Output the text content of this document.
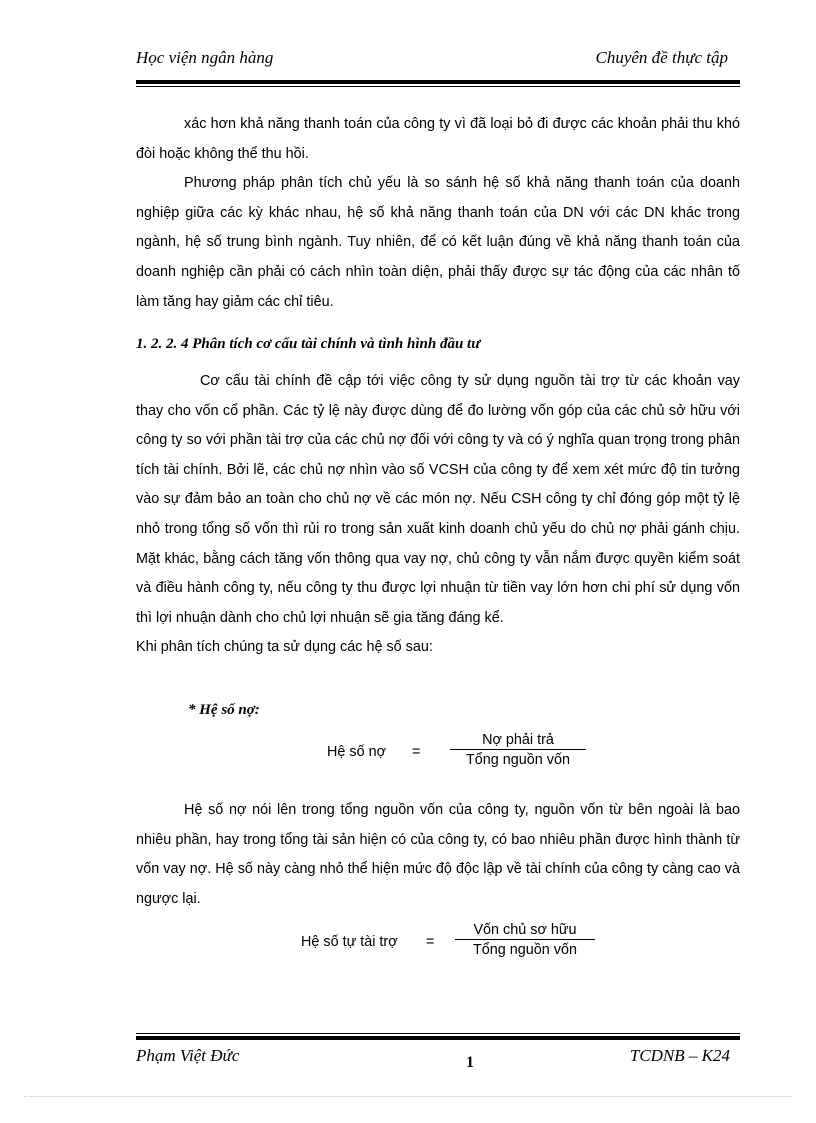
Học viện ngân hàng	Chuyên đề thực tập

xác hơn khả năng thanh toán của công ty vì đã loại bỏ đi được các khoản phải thu khó đòi hoặc không thể thu hồi.

Phương pháp phân tích chủ yếu là so sánh hệ số khả năng thanh toán của doanh nghiệp giữa các kỳ khác nhau, hệ số khả năng thanh toán của DN với các DN khác trong ngành, hệ số trung bình ngành. Tuy nhiên, để có kết luận đúng về khả năng thanh toán của doanh nghiệp cần phải có cách nhìn toàn diện, phải thấy được sự tác động của các nhân tố làm tăng hay giảm các chỉ tiêu.

1. 2. 2. 4 Phân tích cơ cấu tài chính và tình hình đầu tư

Cơ cấu tài chính đề cập tới việc công ty sử dụng nguồn tài trợ từ các khoản vay thay cho vốn cổ phần. Các tỷ lệ này được dùng để đo lường vốn góp của các chủ sở hữu với công ty so với phần tài trợ của các chủ nợ đối với công ty và có ý nghĩa quan trọng trong phân tích tài chính. Bởi lẽ, các chủ nợ nhìn vào số VCSH của công ty để xem xét mức độ tin tưởng vào sự đảm bảo an toàn cho chủ nợ về các món nợ. Nếu CSH công ty chỉ đóng góp một tỷ lệ nhỏ trong tổng số vốn thì rủi ro trong sản xuất kinh doanh chủ yếu do chủ nợ phải gánh chịu. Mặt khác, bằng cách tăng vốn thông qua vay nợ, chủ công ty vẫn nắm được quyền kiểm soát và điều hành công ty, nếu công ty thu được lợi nhuận từ tiền vay lớn hơn chi phí sử dụng vốn thì lợi nhuận dành cho chủ lợi nhuận sẽ gia tăng đáng kể.

Khi phân tích chúng ta sử dụng các hệ số sau:

* Hệ số nợ:
Hệ số nợ =
Nợ phải trả
Tổng nguồn vốn

Hệ số nợ nói lên trong tổng nguồn vốn của công ty, nguồn vốn từ bên ngoài là bao nhiêu phần, hay trong tổng tài sản hiện có của công ty, có bao nhiêu phần được hình thành từ vốn vay nợ. Hệ số này càng nhỏ thể hiện mức độ độc lập về tài chính của công ty càng cao và ngược lại.

Hệ số tự tài trợ =
Vốn chủ sơ hữu
Tổng nguồn vốn
Phạm Việt Đức	1	TCDNB – K24
